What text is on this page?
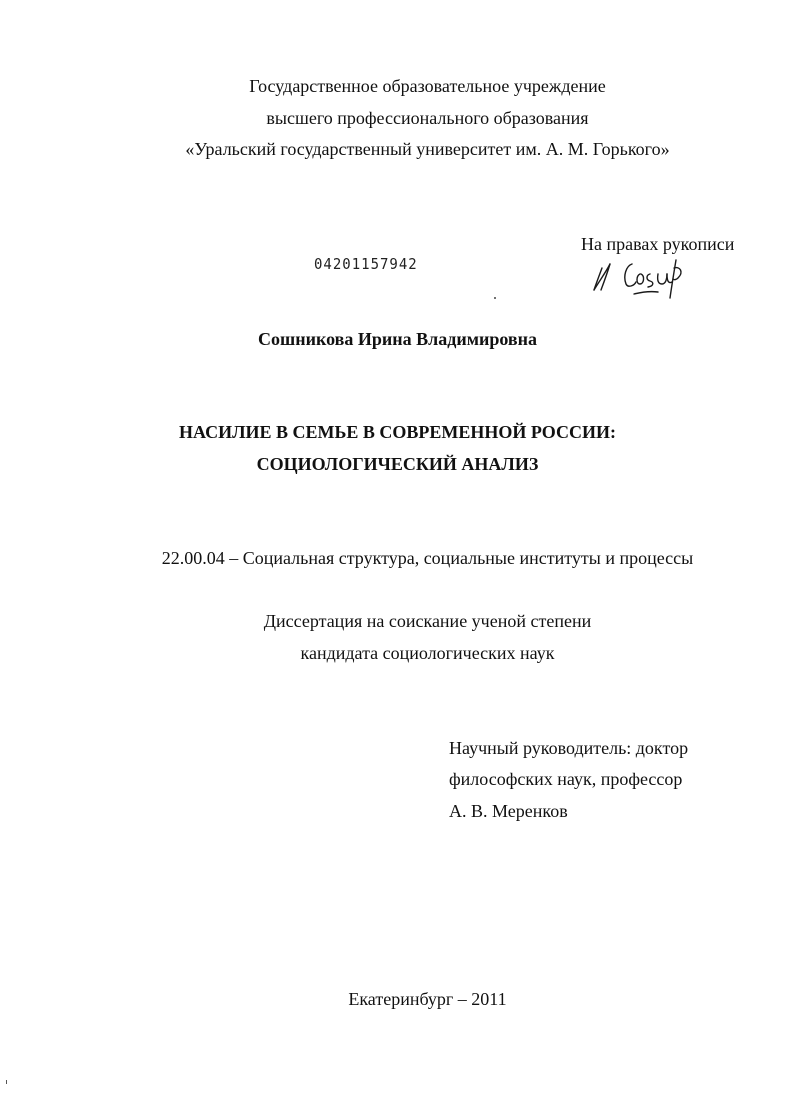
Государственное образовательное учреждение
высшего профессионального образования
«Уральский государственный университет им. А. М. Горького»
На правах рукописи
04201157942
Сошникова Ирина Владимировна
НАСИЛИЕ В СЕМЬЕ В СОВРЕМЕННОЙ РОССИИ:
СОЦИОЛОГИЧЕСКИЙ АНАЛИЗ
22.00.04 – Социальная структура, социальные институты и процессы
Диссертация на соискание ученой степени
кандидата социологических наук
Научный руководитель: доктор
философских наук, профессор
А. В. Меренков
Екатеринбург – 2011
